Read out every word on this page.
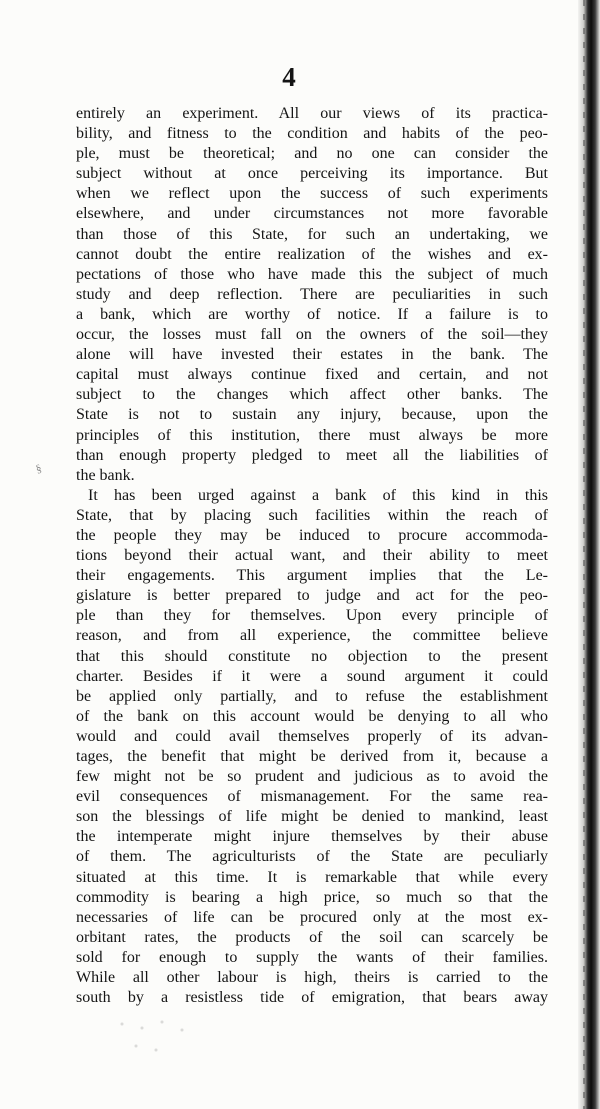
4
§
entirely an experiment. All our views of its practica-
bility, and fitness to the condition and habits of the peo-
ple, must be theoretical; and no one can consider the
subject without at once perceiving its importance. But
when we reflect upon the success of such experiments
elsewhere, and under circumstances not more favorable
than those of this State, for such an undertaking, we
cannot doubt the entire realization of the wishes and ex-
pectations of those who have made this the subject of much
study and deep reflection. There are peculiarities in such
a bank, which are worthy of notice. If a failure is to
occur, the losses must fall on the owners of the soil—they
alone will have invested their estates in the bank. The
capital must always continue fixed and certain, and not
subject to the changes which affect other banks. The
State is not to sustain any injury, because, upon the
principles of this institution, there must always be more
than enough property pledged to meet all the liabilities of
the bank.
It has been urged against a bank of this kind in this
State, that by placing such facilities within the reach of
the people they may be induced to procure accommoda-
tions beyond their actual want, and their ability to meet
their engagements. This argument implies that the Le-
gislature is better prepared to judge and act for the peo-
ple than they for themselves. Upon every principle of
reason, and from all experience, the committee believe
that this should constitute no objection to the present
charter. Besides if it were a sound argument it could
be applied only partially, and to refuse the establishment
of the bank on this account would be denying to all who
would and could avail themselves properly of its advan-
tages, the benefit that might be derived from it, because a
few might not be so prudent and judicious as to avoid the
evil consequences of mismanagement. For the same rea-
son the blessings of life might be denied to mankind, least
the intemperate might injure themselves by their abuse
of them. The agriculturists of the State are peculiarly
situated at this time. It is remarkable that while every
commodity is bearing a high price, so much so that the
necessaries of life can be procured only at the most ex-
orbitant rates, the products of the soil can scarcely be
sold for enough to supply the wants of their families.
While all other labour is high, theirs is carried to the
south by a resistless tide of emigration, that bears away
